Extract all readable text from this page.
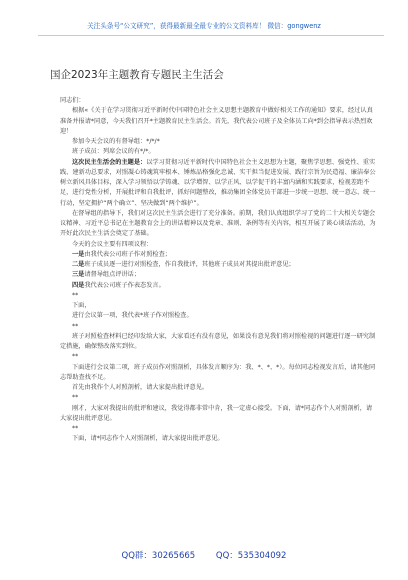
关注头条号“公文研究”，获得最新最全最专业的公文资料库！ 微信：gongwenz
国企2023年主题教育专题民主生活会

同志们：

根据«《关于在学习贯彻习近平新时代中国特色社会主义思想主题教育中做好相关工作的通知》要求，经过认真准备并报请*同意，今天我们召开*主题教育民主生活会。首先，我代表公司班子及全体员工向*到会指导表示热烈欢迎！

参加今天会议的有督导组：*/*/*

班子成员：列席会议的有*/*。

这次民主生活会的主题是：以学习贯彻习近平新时代中国特色社会主义思想为主题，聚焦学思想、强党性、重实践、建新功总要求，对照凝心铸魂筑牢根本、锤炼品格强化忠诚、实干担当促进发展、践行宗旨为民造福、廉洁奉公树立新风具体目标，深入学习领悟以学铸魂、以学增智、以学正风、以学促干的丰富内涵和实践要求，检视差距不足，进行党性分析，开展批评和自我批评，抓好问题整改，推动集团全体党员干部进一步统一思想、统一意志、统一行动，坚定拥护“两个确立”、坚决做到“两个维护”。

在督导组的指导下，我们对这次民主生活会进行了充分准备。前期，我们认真组织学习了党的二十大相关专题会议精神、习近平总书记在主题教育会上的讲话精神以及党章、准则、条例等有关内容，相互开展了谈心谈话活动，为开好此次民主生活会奠定了基础。

今天的会议主要有四项议程：

一是由我代表公司班子作对照检查；

二是班子成员逐一进行对照检查，作自我批评，其他班子成员对其提出批评意见；

三是请督导组点评讲话；

四是我代表公司班子作表态发言。

**

下面，

进行会议第一项，我代表*班子作对照检查。

**

班子对照检查材料已经印发给大家，大家看还有没有意见，如果没有意见我们将对照检视的问题进行逐一研究制定措施，确保整改落实到位。

**

下面进行会议第二项，班子成员作对照剖析，具体发言顺序为：我、*、*、*）。每位同志检视发言后，请其他同志帮助查找不足。

首先由我作个人对照剖析，请大家提出批评意见。

**

刚才，大家对我提出的批评和建议，我觉得都非常中肯，我一定虚心接受。下面，请*同志作个人对照剖析，请大家提出批评意见。

**

下面，请*同志作个人对照剖析，请大家提出批评意见。

QQ群：30265665 QQ：535304092
